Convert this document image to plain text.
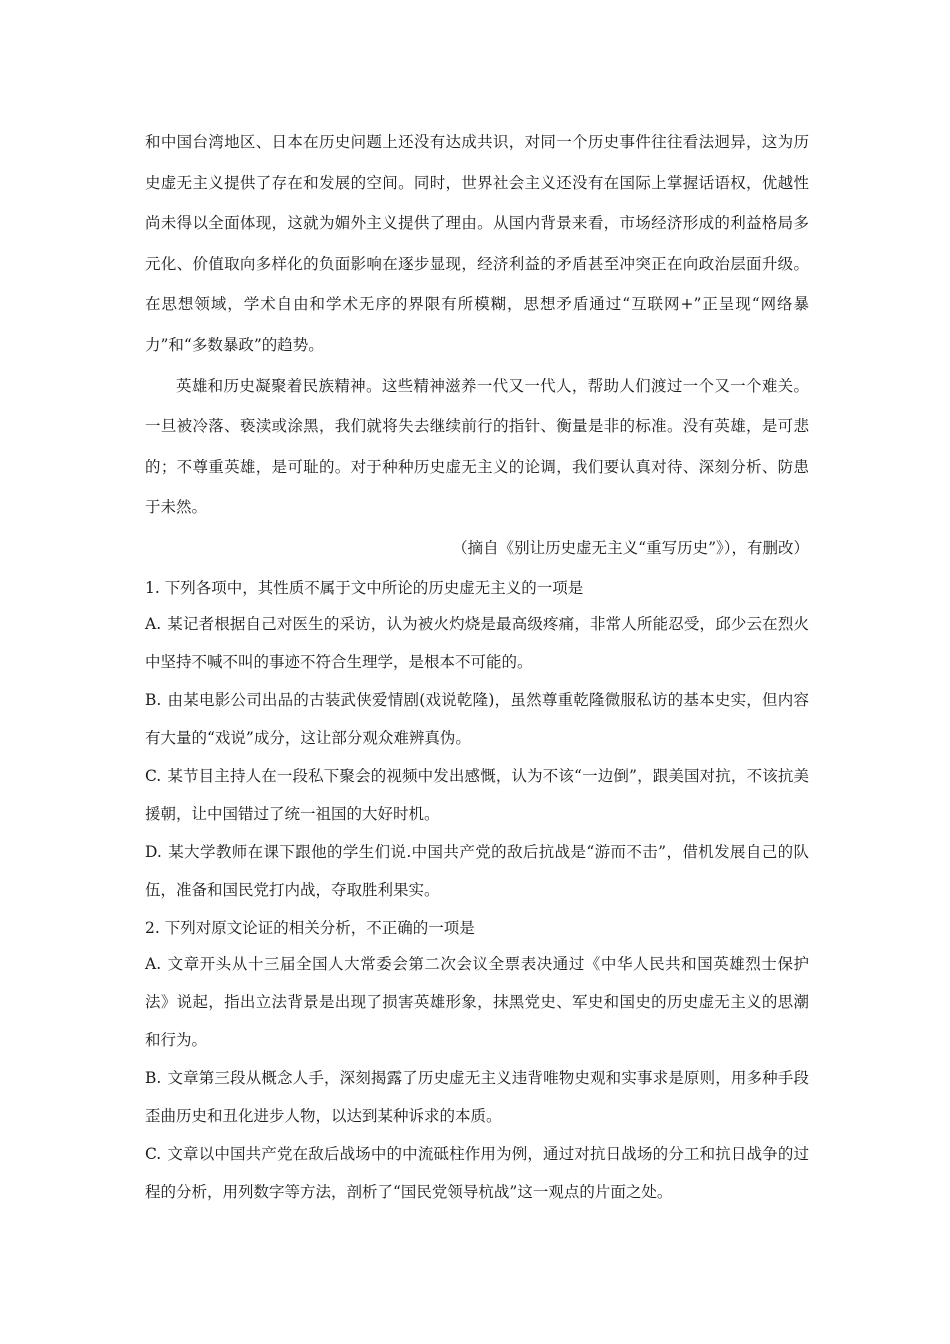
和中国台湾地区、日本在历史问题上还没有达成共识，对同一个历史事件往往看法迥异，这为历史虚无主义提供了存在和发展的空间。同时，世界社会主义还没有在国际上掌握话语权，优越性尚未得以全面体现，这就为媚外主义提供了理由。从国内背景来看，市场经济形成的利益格局多元化、价值取向多样化的负面影响在逐步显现，经济利益的矛盾甚至冲突正在向政治层面升级。在思想领域，学术自由和学术无序的界限有所模糊，思想矛盾通过“互联网+”正呈现“网络暴力”和“多数暴政”的趋势。

英雄和历史凝聚着民族精神。这些精神滋养一代又一代人，帮助人们渡过一个又一个难关。一旦被冷落、亵渎或涂黑，我们就将失去继续前行的指针、衡量是非的标准。没有英雄，是可悲的；不尊重英雄，是可耻的。对于种种历史虚无主义的论调，我们要认真对待、深刻分析、防患于未然。

（摘自《别让历史虚无主义“重写历史”》），有删改）

1. 下列各项中，其性质不属于文中所论的历史虚无主义的一项是

A. 某记者根据自己对医生的采访，认为被火灼烧是最高级疼痛，非常人所能忍受，邱少云在烈火中坚持不喊不叫的事迹不符合生理学，是根本不可能的。

B. 由某电影公司出品的古装武侠爱情剧(戏说乾隆)，虽然尊重乾隆微服私访的基本史实，但内容有大量的“戏说”成分，这让部分观众难辨真伪。

C. 某节目主持人在一段私下聚会的视频中发出感慨，认为不该“一边倒”，跟美国对抗，不该抗美援朝，让中国错过了统一祖国的大好时机。

D. 某大学教师在课下跟他的学生们说.中国共产党的敌后抗战是“游而不击”，借机发展自己的队伍，准备和国民党打内战，夺取胜利果实。

2. 下列对原文论证的相关分析，不正确的一项是

A. 文章开头从十三届全国人大常委会第二次会议全票表决通过《中华人民共和国英雄烈士保护法》说起，指出立法背景是出现了损害英雄形象，抹黑党史、军史和国史的历史虚无主义的思潮和行为。

B. 文章第三段从概念人手，深刻揭露了历史虚无主义违背唯物史观和实事求是原则，用多种手段歪曲历史和丑化进步人物，以达到某种诉求的本质。

C. 文章以中国共产党在敌后战场中的中流砥柱作用为例，通过对抗日战场的分工和抗日战争的过程的分析，用列数字等方法，剖析了“国民党领导杭战”这一观点的片面之处。
